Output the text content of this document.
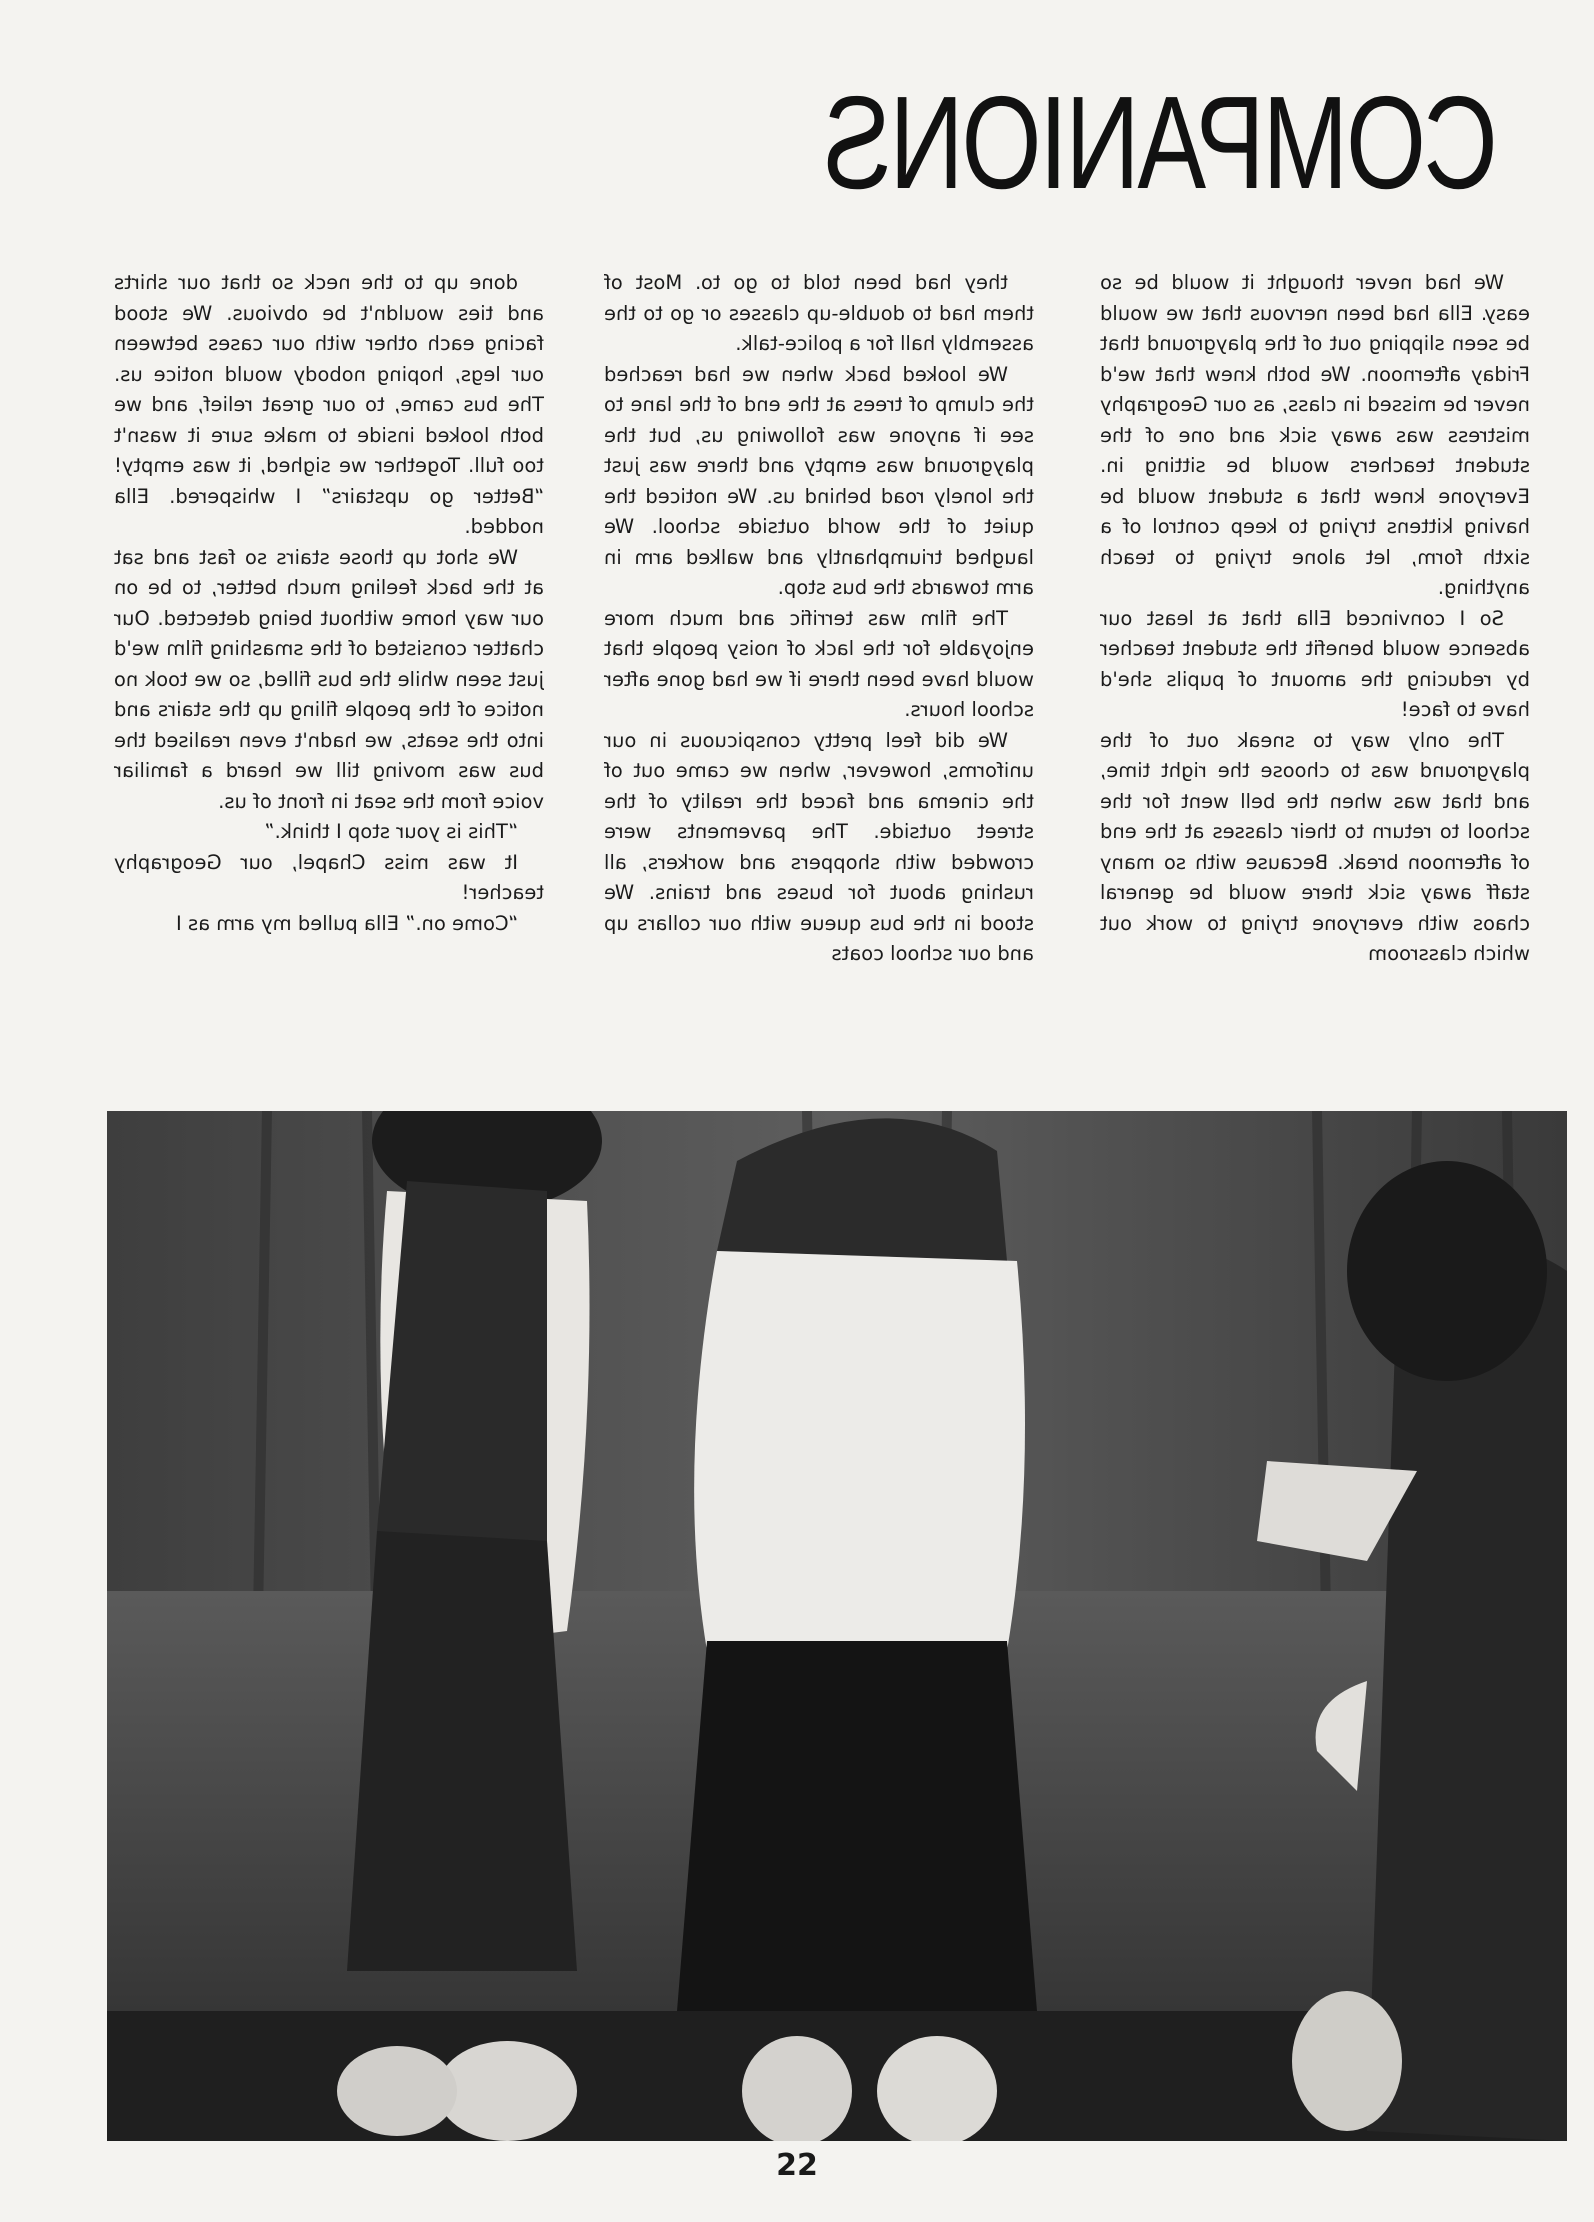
COMPANIONS

We had never thought it would be so easy. Ella had been nervous that we would be seen slipping out of the playground that Friday afternoon. We both knew that we'd never be missed in class, as our Geography mistress was away sick and one of the student teachers would be sitting in. Everyone knew that a student would be having kittens trying to keep control of a sixth form, let alone trying to teach anything.

So I convinced Ella that at least our absence would benefit the student teacher by reducing the amount of pupils she'd have to face!

The only way to sneak out of the playground was to choose the right time, and that was when the bell went for the school to return to their classes at the end of afternoon break. Because with so many staff away sick there would be general chaos with everyone trying to work out which classroom

they had been told to go to. Most of them had to double-up classes or go to the assembly hall for a police-talk.

We looked back when we had reached the clump of trees at the end of the lane to see if anyone was following us, but the playground was empty and there was just the lonely road behind us. We noticed the quiet of the world outside school. We laughed triumphantly and walked arm in arm towards the bus stop.

The film was terrific and much more enjoyable for the lack of noisy people that would have been there if we had gone after school hours.

We did feel pretty conspicuous in our uniforms, however, when we came out of the cinema and faced the reality of the street outside. The pavements were crowded with shoppers and workers, all rushing about for buses and trains. We stood in the bus queue with our collars up and our school coats

done up to the neck so that our shirts and ties wouldn't be obvious. We stood facing each other with our cases between our legs, hoping nobody would notice us. The bus came, to our great relief, and we both looked inside to make sure it wasn't too full. Together we sighed, it was empty! “Better go upstairs” I whispered. Ella nodded.

We shot up those stairs so fast and sat at the back feeling much better, to be on our way home without being detected. Our chatter consisted of the smashing film we'd just seen while the bus filled, so we took no notice of the people filing up the stairs and into the seats, we hadn't even realised the bus was moving till we heard a familiar voice from the seat in front of us.

“This is your stop I think.”

It was miss Chapel, our Geography teacher!

“Come on.” Ella pulled my arm as I

22
